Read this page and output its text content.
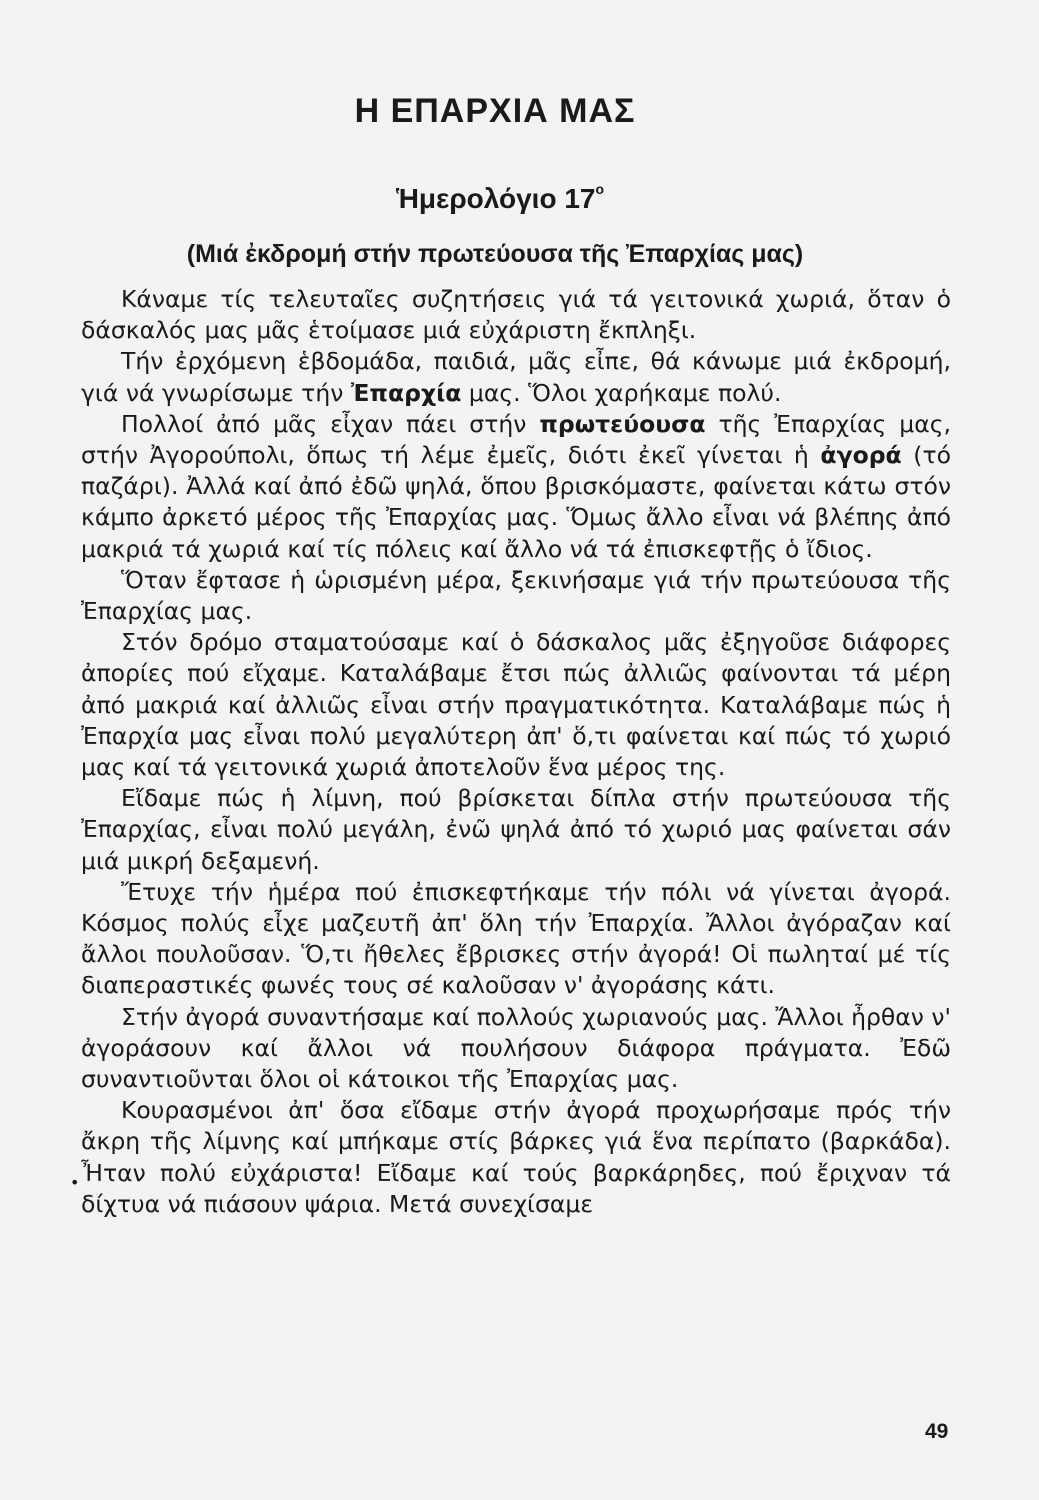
Η ΕΠΑΡΧΙΑ ΜΑΣ
Ἡμερολόγιο $17^o$
(Μιά ἐκδρομή στήν πρωτεύουσα τῆς Ἐπαρχίας μας)

Κάναμε τίς τελευταῖες συζητήσεις γιά τά γειτονικά χωριά, ὅταν ὁ δάσκαλός μας μᾶς ἑτοίμασε μιά εὐχάριστη ἔκπληξι.

Τήν ἐρχόμενη ἑβδομάδα, παιδιά, μᾶς εἶπε, θά κάνωμε μιά ἐκδρομή, γιά νά γνωρίσωμε τήν Ἐπαρχία μας. Ὅλοι χαρήκαμε πολύ.

Πολλοί ἀπό μᾶς εἶχαν πάει στήν πρωτεύουσα τῆς Ἐπαρχίας μας, στήν Ἀγορούπολι, ὅπως τή λέμε ἐμεῖς, διότι ἐκεῖ γίνεται ἡ ἀγορά (τό παζάρι). Ἀλλά καί ἀπό ἐδῶ ψηλά, ὅπου βρισκόμαστε, φαίνεται κάτω στόν κάμπο ἀρκετό μέρος τῆς Ἐπαρχίας μας. Ὅμως ἄλλο εἶναι νά βλέπης ἀπό μακριά τά χωριά καί τίς πόλεις καί ἄλλο νά τά ἐπισκεφτῇς ὁ ἴδιος.

Ὅταν ἔφτασε ἡ ὡρισμένη μέρα, ξεκινήσαμε γιά τήν πρωτεύουσα τῆς Ἐπαρχίας μας.

Στόν δρόμο σταματούσαμε καί ὁ δάσκαλος μᾶς ἐξηγοῦσε διάφορες ἀπορίες πού εἴχαμε. Καταλάβαμε ἔτσι πώς ἀλλιῶς φαίνονται τά μέρη ἀπό μακριά καί ἀλλιῶς εἶναι στήν πραγματικότητα. Καταλάβαμε πώς ἡ Ἐπαρχία μας εἶναι πολύ μεγαλύτερη ἀπ' ὅ,τι φαίνεται καί πώς τό χωριό μας καί τά γειτονικά χωριά ἀποτελοῦν ἕνα μέρος της.

Εἴδαμε πώς ἡ λίμνη, πού βρίσκεται δίπλα στήν πρωτεύουσα τῆς Ἐπαρχίας, εἶναι πολύ μεγάλη, ἐνῶ ψηλά ἀπό τό χωριό μας φαίνεται σάν μιά μικρή δεξαμενή.

Ἔτυχε τήν ἡμέρα πού ἐπισκεφτήκαμε τήν πόλι νά γίνεται ἀγορά. Κόσμος πολύς εἶχε μαζευτῆ ἀπ' ὅλη τήν Ἐπαρχία. Ἄλλοι ἀγόραζαν καί ἄλλοι πουλοῦσαν. Ὅ,τι ἤθελες ἔβρισκες στήν ἀγορά! Οἱ πωληταί μέ τίς διαπεραστικές φωνές τους σέ καλοῦσαν ν' ἀγοράσης κάτι.

Στήν ἀγορά συναντήσαμε καί πολλούς χωριανούς μας. Ἄλλοι ἦρθαν ν' ἀγοράσουν καί ἄλλοι νά πουλήσουν διάφορα πράγματα. Ἐδῶ συναντιοῦνται ὅλοι οἱ κάτοικοι τῆς Ἐπαρχίας μας.

Κουρασμένοι ἀπ' ὅσα εἴδαμε στήν ἀγορά προχωρήσαμε πρός τήν ἄκρη τῆς λίμνης καί μπήκαμε στίς βάρκες γιά ἕνα περίπατο (βαρκάδα). Ἦταν πολύ εὐχάριστα! Εἴδαμε καί τούς βαρκάρηδες, πού ἔριχναν τά δίχτυα νά πιάσουν ψάρια. Μετά συνεχίσαμε

•
49
